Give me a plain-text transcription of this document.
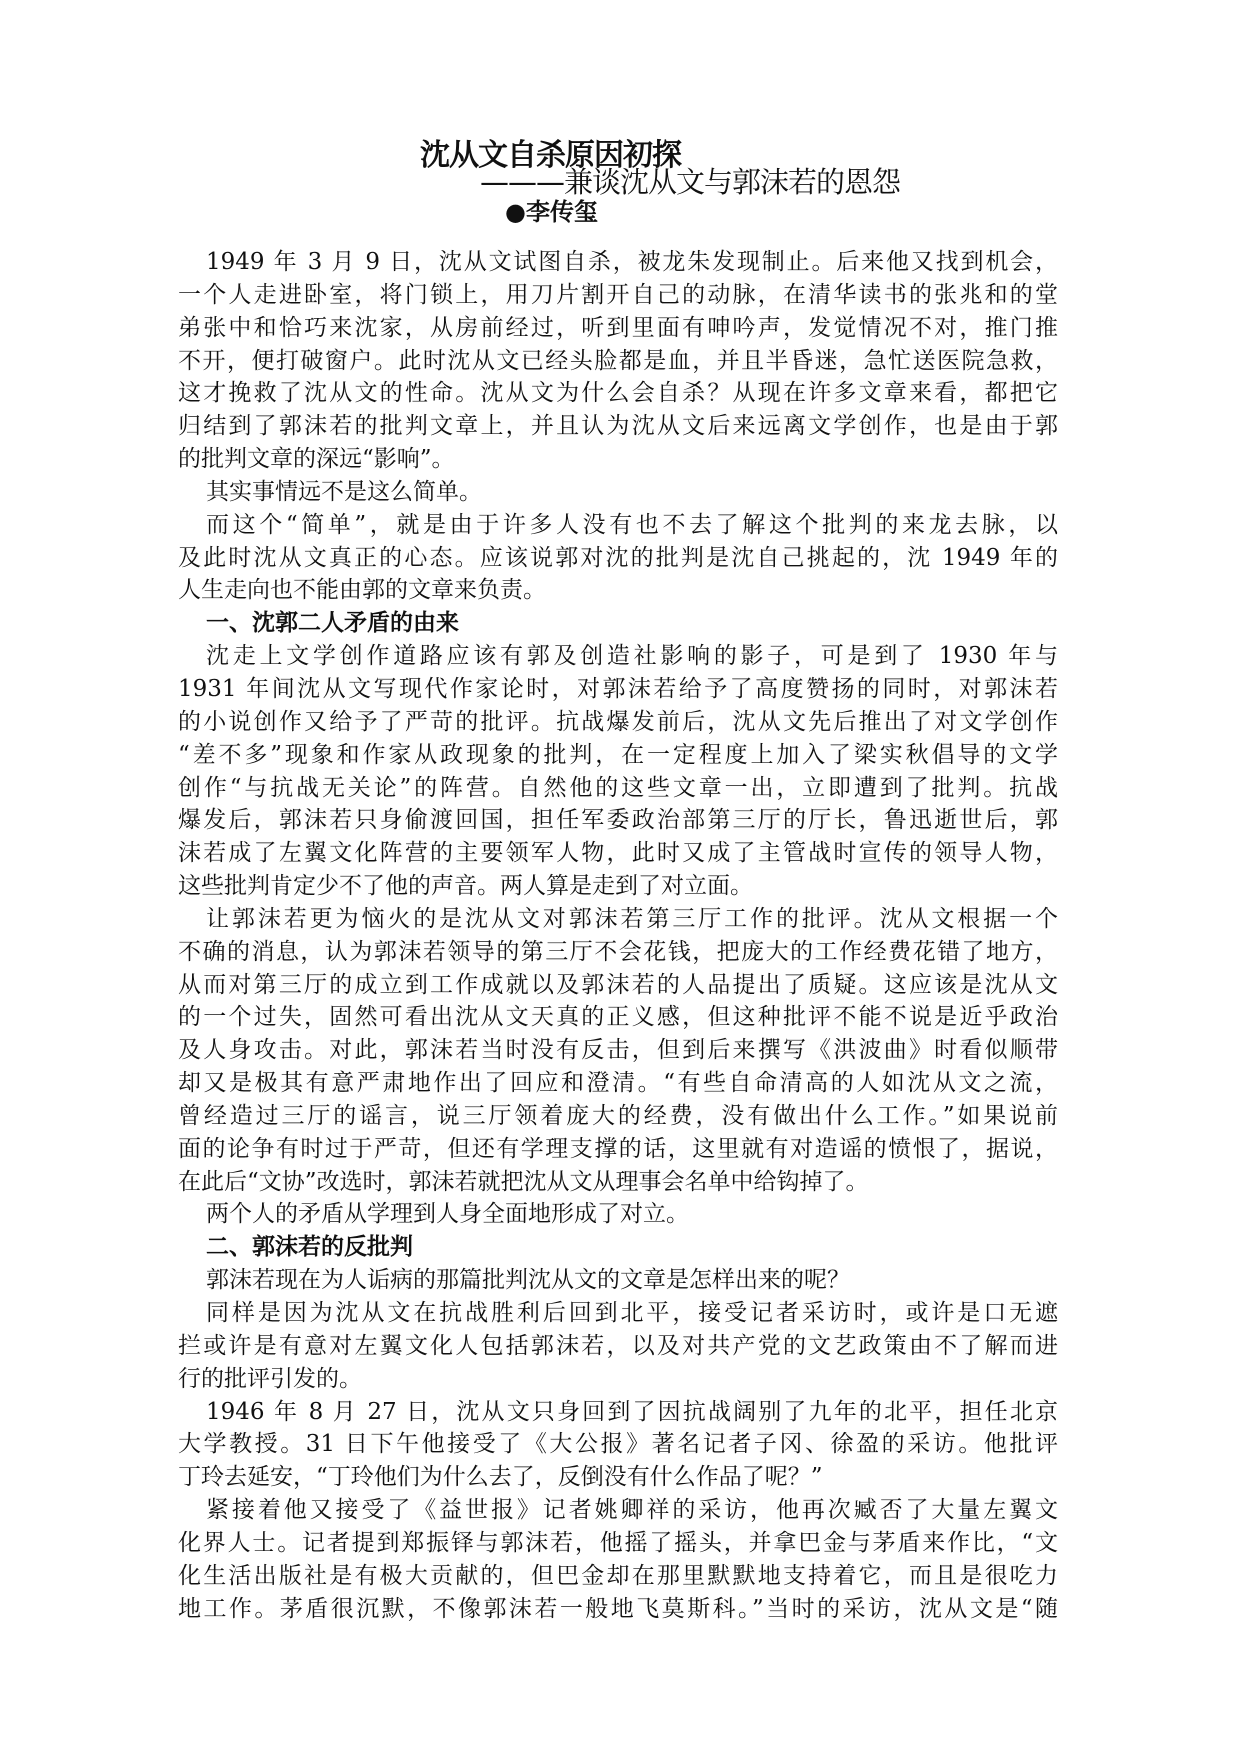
沈从文自杀原因初探
———兼谈沈从文与郭沫若的恩怨
●李传玺
1949 年 3 月 9 日，沈从文试图自杀，被龙朱发现制止。后来他又找到机会，
一个人走进卧室，将门锁上，用刀片割开自己的动脉，在清华读书的张兆和的堂
弟张中和恰巧来沈家，从房前经过，听到里面有呻吟声，发觉情况不对，推门推
不开，便打破窗户。此时沈从文已经头脸都是血，并且半昏迷，急忙送医院急救，
这才挽救了沈从文的性命。沈从文为什么会自杀？从现在许多文章来看，都把它
归结到了郭沫若的批判文章上，并且认为沈从文后来远离文学创作，也是由于郭
的批判文章的深远“影响”。
其实事情远不是这么简单。
而这个“简单”，就是由于许多人没有也不去了解这个批判的来龙去脉，以
及此时沈从文真正的心态。应该说郭对沈的批判是沈自己挑起的，沈 1949 年的
人生走向也不能由郭的文章来负责。
一、沈郭二人矛盾的由来
沈走上文学创作道路应该有郭及创造社影响的影子，可是到了 1930 年与
1931 年间沈从文写现代作家论时，对郭沫若给予了高度赞扬的同时，对郭沫若
的小说创作又给予了严苛的批评。抗战爆发前后，沈从文先后推出了对文学创作
“差不多”现象和作家从政现象的批判，在一定程度上加入了梁实秋倡导的文学
创作“与抗战无关论”的阵营。自然他的这些文章一出，立即遭到了批判。抗战
爆发后，郭沫若只身偷渡回国，担任军委政治部第三厅的厅长，鲁迅逝世后，郭
沫若成了左翼文化阵营的主要领军人物，此时又成了主管战时宣传的领导人物，
这些批判肯定少不了他的声音。两人算是走到了对立面。
让郭沫若更为恼火的是沈从文对郭沫若第三厅工作的批评。沈从文根据一个
不确的消息，认为郭沫若领导的第三厅不会花钱，把庞大的工作经费花错了地方，
从而对第三厅的成立到工作成就以及郭沫若的人品提出了质疑。这应该是沈从文
的一个过失，固然可看出沈从文天真的正义感，但这种批评不能不说是近乎政治
及人身攻击。对此，郭沫若当时没有反击，但到后来撰写《洪波曲》时看似顺带
却又是极其有意严肃地作出了回应和澄清。“有些自命清高的人如沈从文之流，
曾经造过三厅的谣言，说三厅领着庞大的经费，没有做出什么工作。”如果说前
面的论争有时过于严苛，但还有学理支撑的话，这里就有对造谣的愤恨了，据说，
在此后“文协”改选时，郭沫若就把沈从文从理事会名单中给钩掉了。
两个人的矛盾从学理到人身全面地形成了对立。
二、郭沫若的反批判
郭沫若现在为人诟病的那篇批判沈从文的文章是怎样出来的呢？
同样是因为沈从文在抗战胜利后回到北平，接受记者采访时，或许是口无遮
拦或许是有意对左翼文化人包括郭沫若，以及对共产党的文艺政策由不了解而进
行的批评引发的。
1946 年 8 月 27 日，沈从文只身回到了因抗战阔别了九年的北平，担任北京
大学教授。31 日下午他接受了《大公报》著名记者子冈、徐盈的采访。他批评
丁玲去延安，“丁玲他们为什么去了，反倒没有什么作品了呢？”
紧接着他又接受了《益世报》记者姚卿祥的采访，他再次臧否了大量左翼文
化界人士。记者提到郑振铎与郭沫若，他摇了摇头，并拿巴金与茅盾来作比，“文
化生活出版社是有极大贡献的，但巴金却在那里默默地支持着它，而且是很吃力
地工作。茅盾很沉默，不像郭沫若一般地飞莫斯科。”当时的采访，沈从文是“随
